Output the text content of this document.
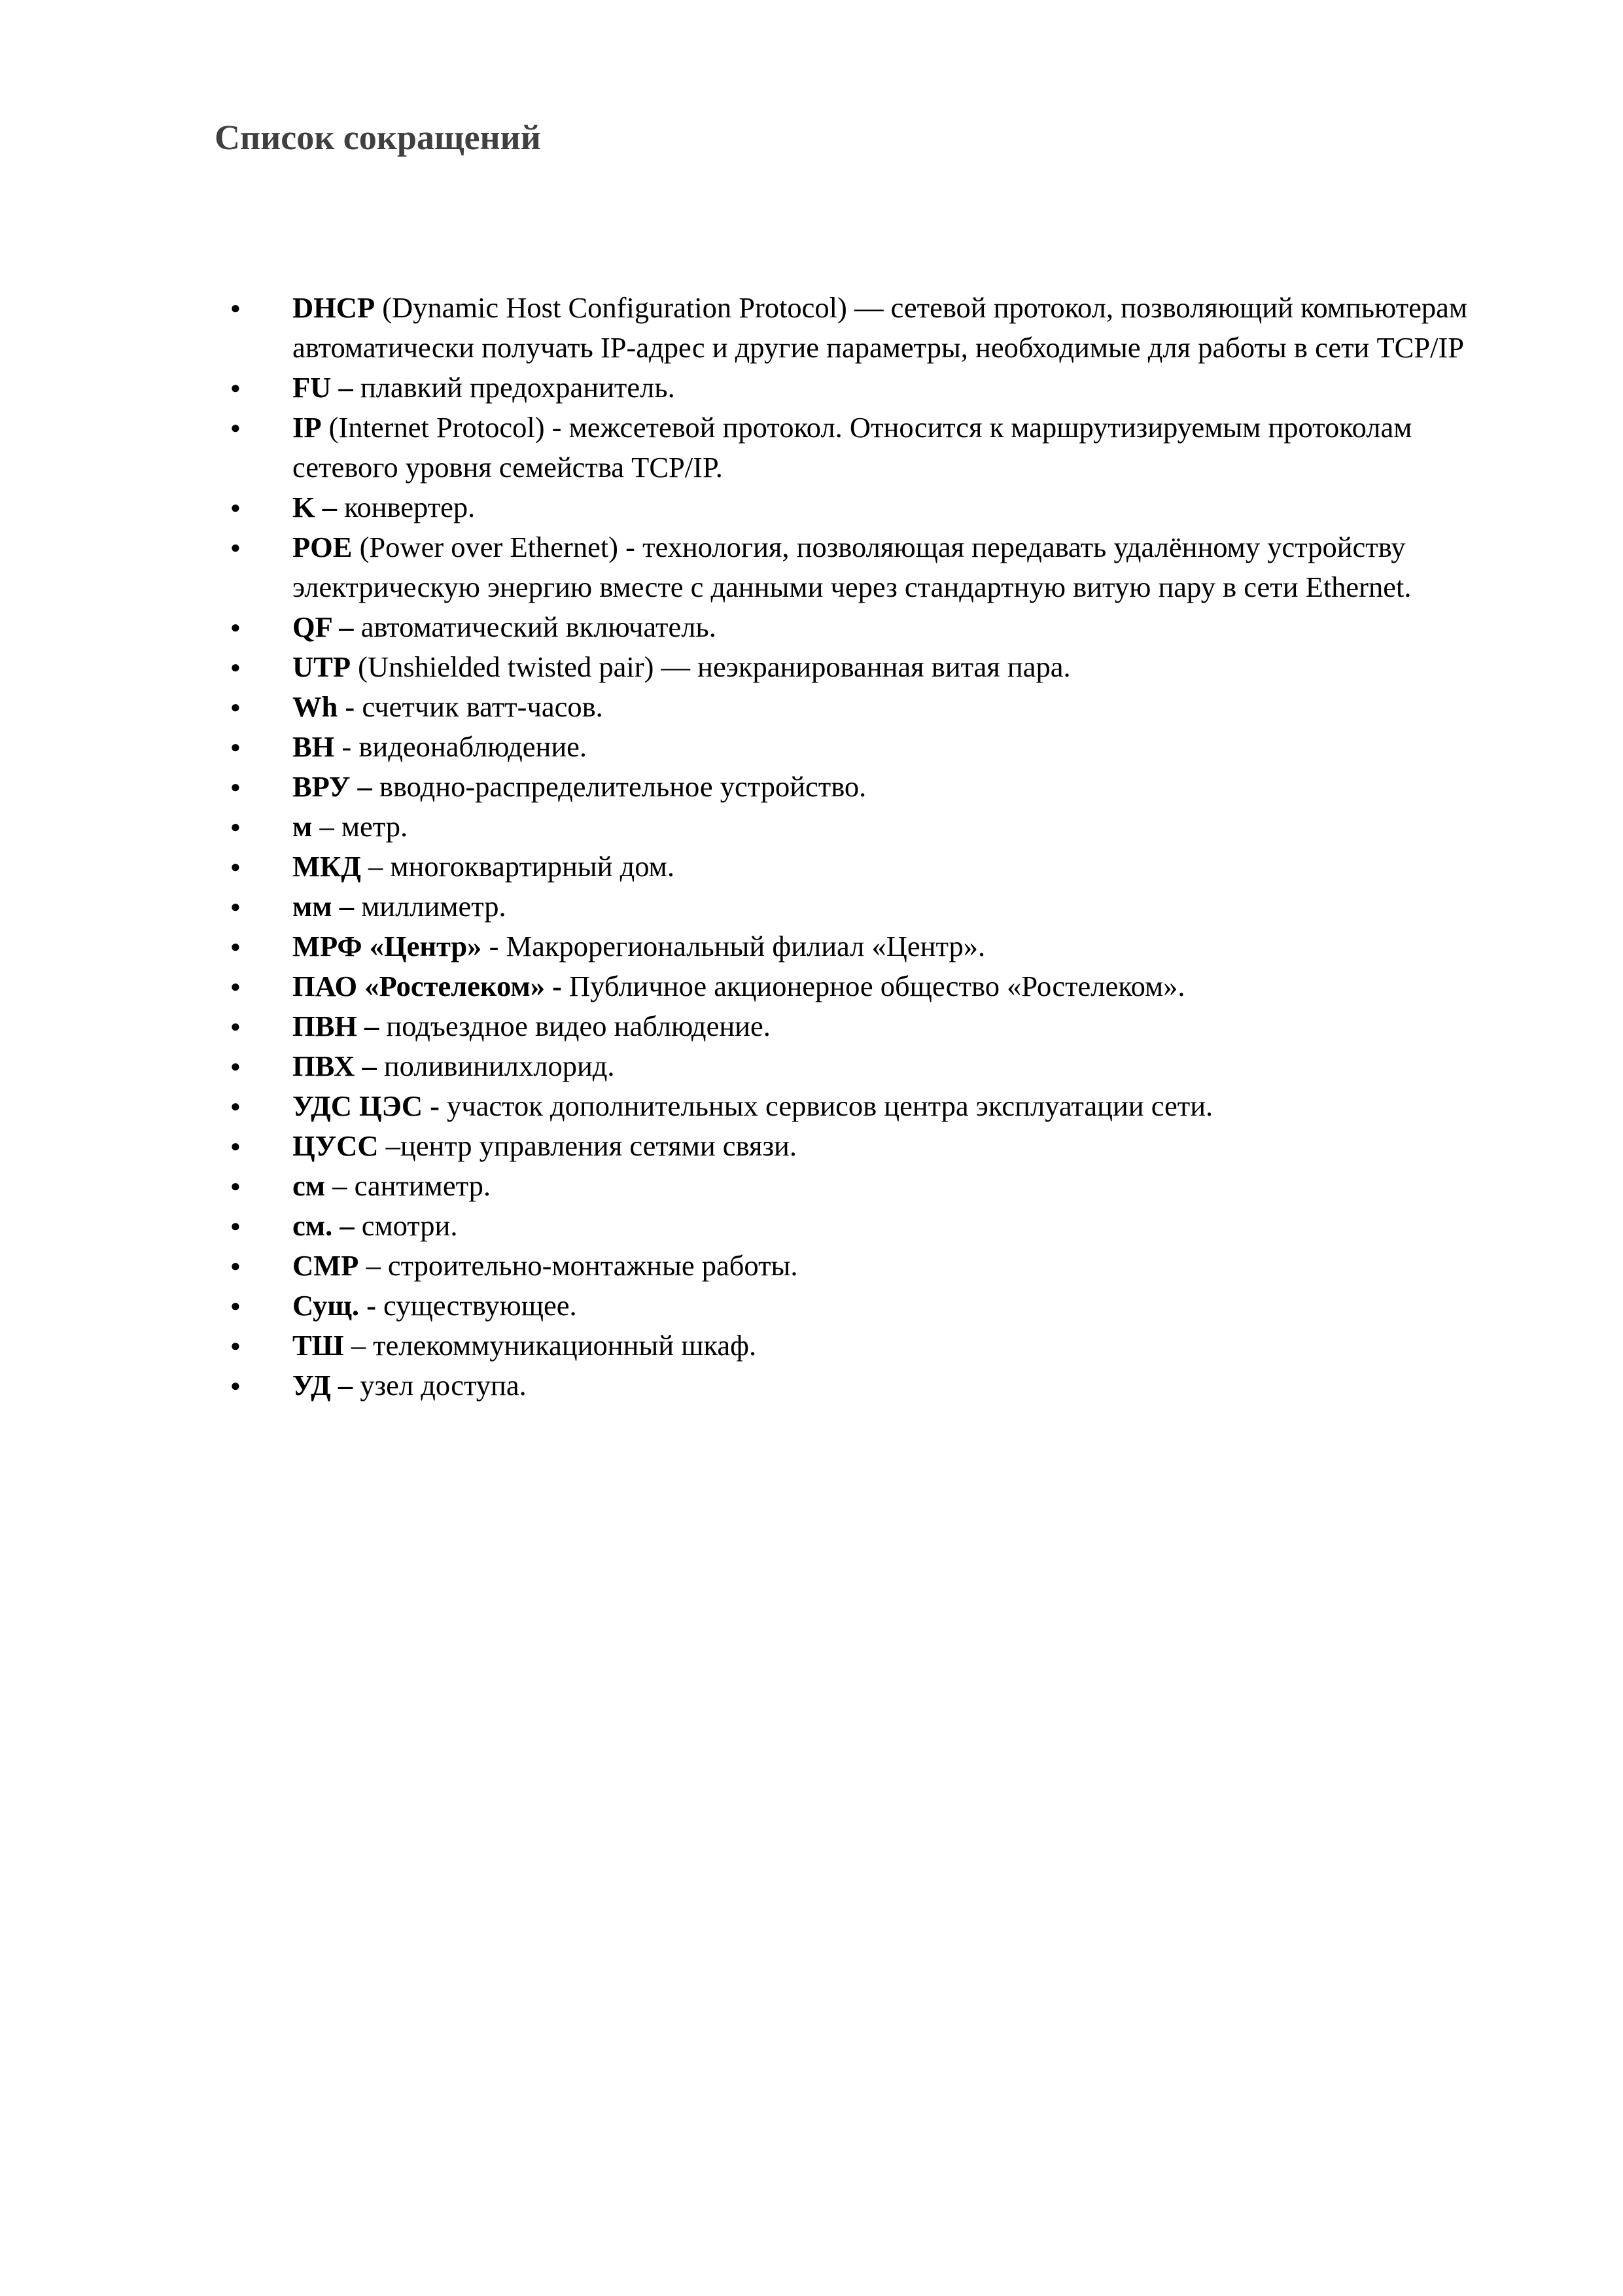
Список сокращений
● DHCP (Dynamic Host Configuration Protocol) — сетевой протокол, позволяющий компьютерам автоматически получать IP-адрес и другие параметры, необходимые для работы в сети TCP/IP
● FU – плавкий предохранитель.
● IP (Internet Protocol) - межсетевой протокол. Относится к маршрутизируемым протоколам сетевого уровня семейства TCP/IP.
● K – конвертер.
● POE (Power over Ethernet) - технология, позволяющая передавать удалённому устройству электрическую энергию вместе с данными через стандартную витую пару в сети Ethernet.
● QF – автоматический включатель.
● UTP (Unshielded twisted pair) — неэкранированная витая пара.
● Wh - счетчик ватт-часов.
● ВН - видеонаблюдение.
● ВРУ – вводно-распределительное устройство.
● м – метр.
● МКД – многоквартирный дом.
● мм – миллиметр.
● МРФ «Центр» - Макрорегиональный филиал «Центр».
● ПАО «Ростелеком» - Публичное акционерное общество «Ростелеком».
● ПВН – подъездное видео наблюдение.
● ПВХ – поливинилхлорид.
● УДС ЦЭС - участок дополнительных сервисов центра эксплуатации сети.
● ЦУСС –центр управления сетями связи.
● см – сантиметр.
● см. – смотри.
● СМР – строительно-монтажные работы.
● Сущ. - существующее.
● ТШ – телекоммуникационный шкаф.
● УД – узел доступа.
